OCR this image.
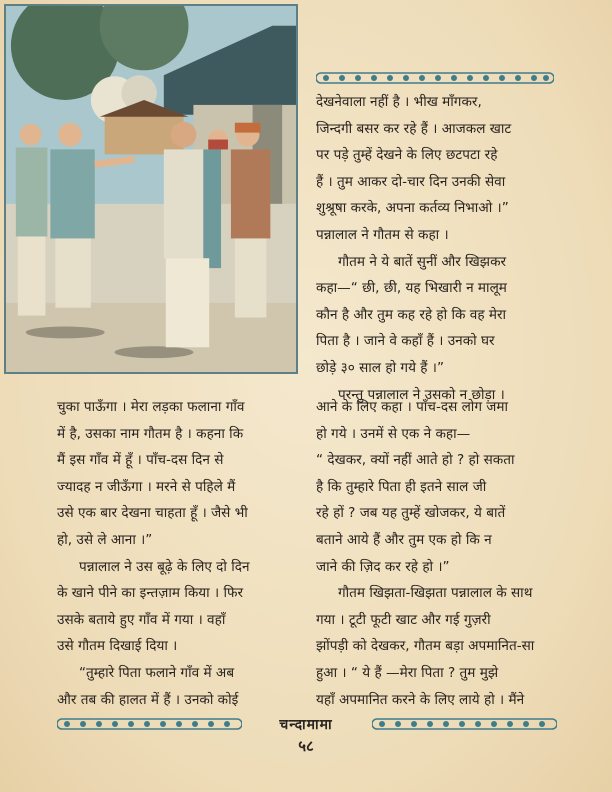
देखनेवाला नहीं है । भीख माँगकर,
जिन्दगी बसर कर रहे हैं । आजकल खाट
पर पड़े तुम्हें देखने के लिए छटपटा रहे
हैं । तुम आकर दो-चार दिन उनकी सेवा
शुश्रूषा करके, अपना कर्तव्य निभाओ ।”
पन्नालाल ने गौतम से कहा ।
गौतम ने ये बातें सुनीं और खिझकर
कहा—“ छी, छी, यह भिखारी न मालूम
कौन है और तुम कह रहे हो कि वह मेरा
पिता है । जाने वे कहाँ हैं । उनको घर
छोड़े ३० साल हो गये हैं ।”
परन्तु पन्नालाल ने उसको न छोड़ा ।
चुका पाऊँगा । मेरा लड़का फलाना गाँव
में है, उसका नाम गौतम है । कहना कि
मैं इस गाँव में हूँ । पाँच-दस दिन से
ज्यादह न जीऊँगा । मरने से पहिले मैं
उसे एक बार देखना चाहता हूँ । जैसे भी
हो, उसे ले आना ।”
पन्नालाल ने उस बूढ़े के लिए दो दिन
के खाने पीने का इन्तज़ाम किया । फिर
उसके बताये हुए गाँव में गया । वहाँ
उसे गौतम दिखाई दिया ।
“तुम्हारे पिता फलाने गाँव में अब
और तब की हालत में हैं । उनको कोई
आने के लिए कहा । पाँच-दस लोग जमा
हो गये । उनमें से एक ने कहा—
“ देखकर, क्यों नहीं आते हो ? हो सकता
है कि तुम्हारे पिता ही इतने साल जी
रहे हों ? जब यह तुम्हें खोजकर, ये बातें
बताने आये हैं और तुम एक हो कि न
जाने की ज़िद कर रहे हो ।”
गौतम खिझता-खिझता पन्नालाल के साथ
गया । टूटी फूटी खाट और गई गुज़री
झोंपड़ी को देखकर, गौतम बड़ा अपमानित-सा
हुआ । “ ये हैं —मेरा पिता ? तुम मुझे
यहाँ अपमानित करने के लिए लाये हो । मैंने
चन्दामामा
५८
